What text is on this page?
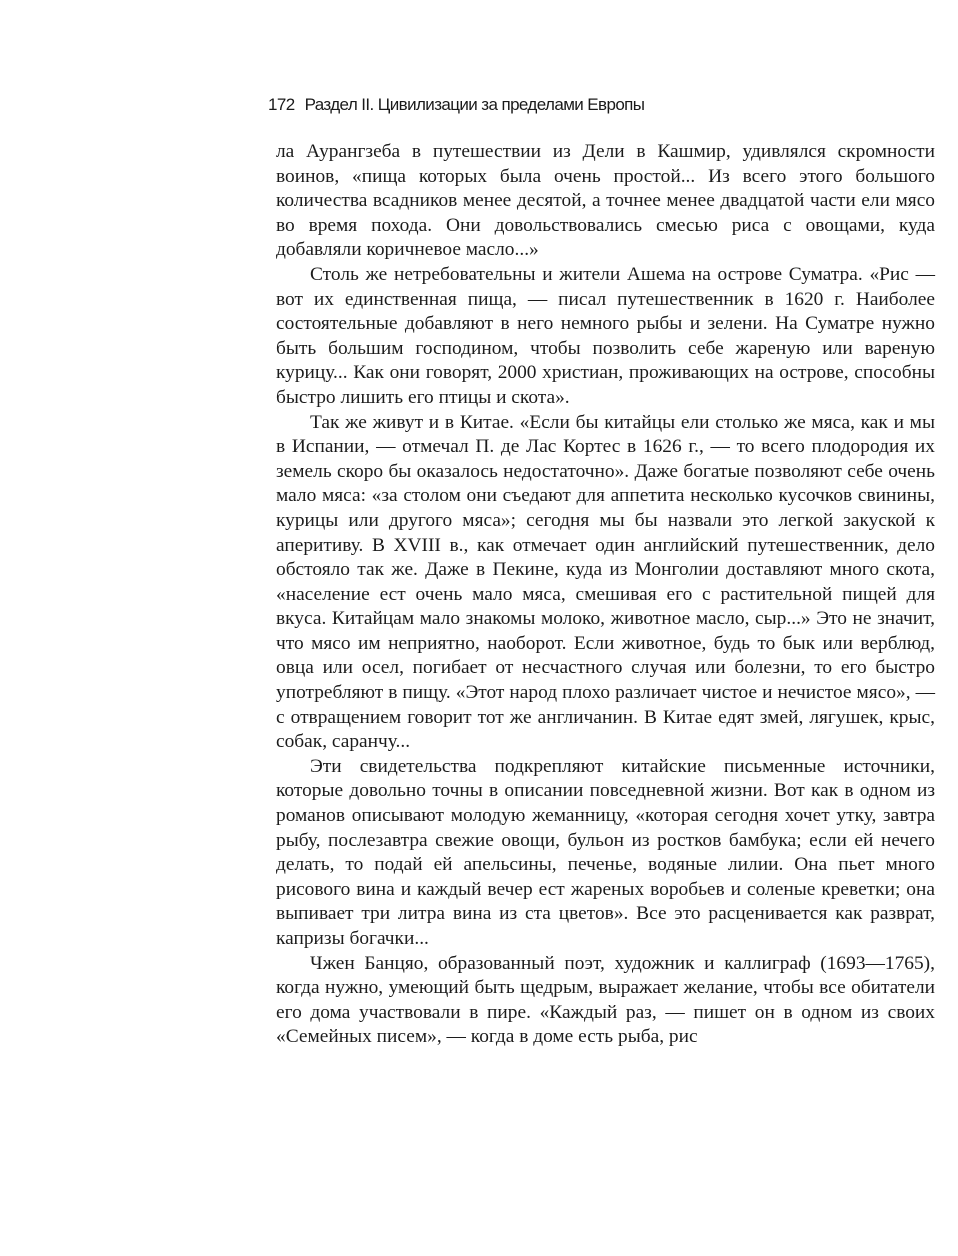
172 Раздел II. Цивилизации за пределами Европы

ла Аурангзеба в путешествии из Дели в Кашмир, удивлялся скромности воинов, «пища которых была очень простой... Из всего этого большого количества всадников менее десятой, а точнее менее двадцатой части ели мясо во время похода. Они довольствовались смесью риса с овощами, куда добавляли коричневое масло...»

Столь же нетребовательны и жители Ашема на острове Суматра. «Рис — вот их единственная пища, — писал путешественник в 1620 г. Наиболее состоятельные добавляют в него немного рыбы и зелени. На Суматре нужно быть большим господином, чтобы позволить себе жареную или вареную курицу... Как они говорят, 2000 христиан, проживающих на острове, способны быстро лишить его птицы и скота».

Так же живут и в Китае. «Если бы китайцы ели столько же мяса, как и мы в Испании, — отмечал П. де Лас Кортес в 1626 г., — то всего плодородия их земель скоро бы оказалось недостаточно». Даже богатые позволяют себе очень мало мяса: «за столом они съедают для аппетита несколько кусочков свинины, курицы или другого мяса»; сегодня мы бы назвали это легкой закуской к аперитиву. В XVIII в., как отмечает один английский путешественник, дело обстояло так же. Даже в Пекине, куда из Монголии доставляют много скота, «население ест очень мало мяса, смешивая его с растительной пищей для вкуса. Китайцам мало знакомы молоко, животное масло, сыр...» Это не значит, что мясо им неприятно, наоборот. Если животное, будь то бык или верблюд, овца или осел, погибает от несчастного случая или болезни, то его быстро употребляют в пищу. «Этот народ плохо различает чистое и нечистое мясо», — с отвращением говорит тот же англичанин. В Китае едят змей, лягушек, крыс, собак, саранчу...

Эти свидетельства подкрепляют китайские письменные источники, которые довольно точны в описании повседневной жизни. Вот как в одном из романов описывают молодую жеманницу, «которая сегодня хочет утку, завтра рыбу, послезавтра свежие овощи, бульон из ростков бамбука; если ей нечего делать, то подай ей апельсины, печенье, водяные лилии. Она пьет много рисового вина и каждый вечер ест жареных воробьев и соленые креветки; она выпивает три литра вина из ста цветов». Все это расценивается как разврат, капризы богачки...

Чжен Банцяо, образованный поэт, художник и каллиграф (1693—1765), когда нужно, умеющий быть щедрым, выражает желание, чтобы все обитатели его дома участвовали в пире. «Каждый раз, — пишет он в одном из своих «Семейных писем», — когда в доме есть рыба, рис
